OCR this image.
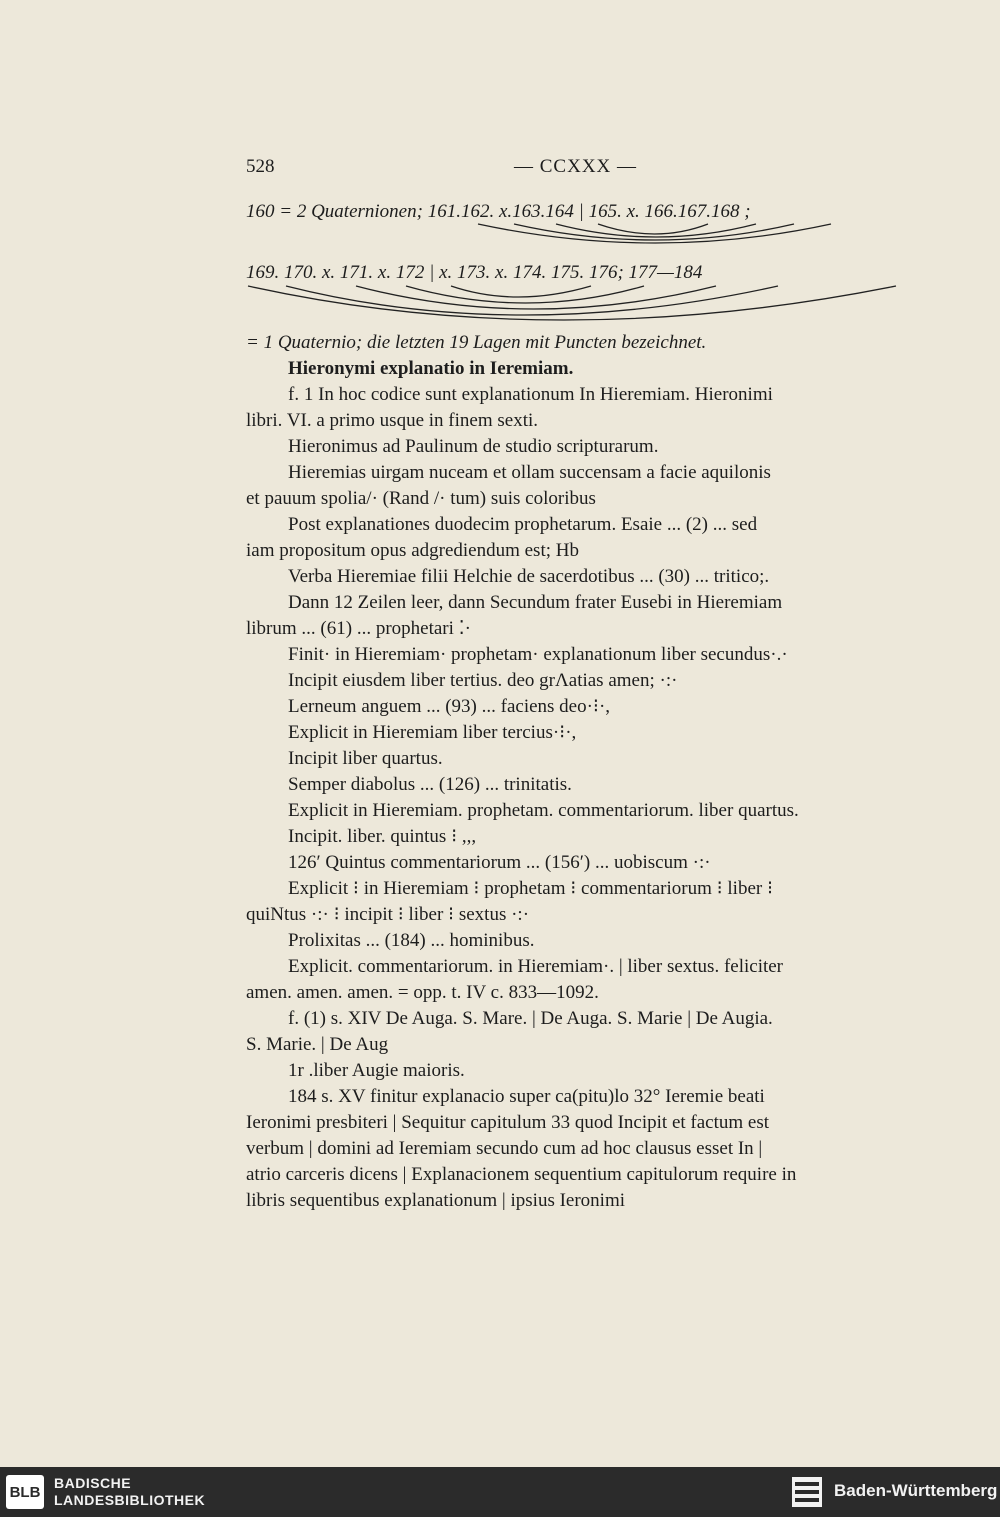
528	— CCXXX —
160 = 2 Quaternionen; 161.162. x.163.164 | 165. x. 166.167.168 ;
169. 170. x. 171. x. 172 | x. 173. x. 174. 175. 176; 177—184
= 1 Quaternio; die letzten 19 Lagen mit Puncten bezeichnet.
Hieronymi explanatio in Ieremiam.
f. 1 In hoc codice sunt explanationum In Hieremiam. Hieronimi
libri. VI. a primo usque in finem sexti.
Hieronimus ad Paulinum de studio scripturarum.
Hieremias uirgam nuceam et ollam succensam a facie aquilonis
et pauum spolia/· (Rand /· tum) suis coloribus
Post explanationes duodecim prophetarum. Esaie ... (2) ... sed
iam propositum opus adgrediendum est; Hb
Verba Hieremiae filii Helchie de sacerdotibus ... (30) ... tritico;.
Dann 12 Zeilen leer, dann Secundum frater Eusebi in Hieremiam
librum ... (61) ... prophetari ⁚·
Finit· in Hieremiam· prophetam· explanationum liber secundus·.·
Incipit eiusdem liber tertius. deo grΛatias amen; ·:·
Lerneum anguem ... (93) ... faciens deo·⁝·,
Explicit in Hieremiam liber tercius·⁝·,
Incipit liber quartus.
Semper diabolus ... (126) ... trinitatis.
Explicit in Hieremiam. prophetam. commentariorum. liber quartus.
Incipit. liber. quintus ⁝ ,,,
126′ Quintus commentariorum ... (156′) ... uobiscum ·:·
Explicit ⁝ in Hieremiam ⁝ prophetam ⁝ commentariorum ⁝ liber ⁝
quiNtus ·:· ⁝ incipit ⁝ liber ⁝ sextus ·:·
Prolixitas ... (184) ... hominibus.
Explicit. commentariorum. in Hieremiam·. | liber sextus. feliciter
amen. amen. amen. = opp. t. IV c. 833—1092.
f. (1) s. XIV De Auga. S. Mare. | De Auga. S. Marie | De Augia.
S. Marie. | De Aug
1r .liber Augie maioris.
184 s. XV finitur explanacio super ca(pitu)lo 32° Ieremie beati
Ieronimi presbiteri | Sequitur capitulum 33 quod Incipit et factum est
verbum | domini ad Ieremiam secundo cum ad hoc clausus esset In |
atrio carceris dicens | Explanacionem sequentium capitulorum require in
libris sequentibus explanationum | ipsius Ieronimi
BLB
BADISCHE
LANDESBIBLIOTHEK	Baden-Württemberg
